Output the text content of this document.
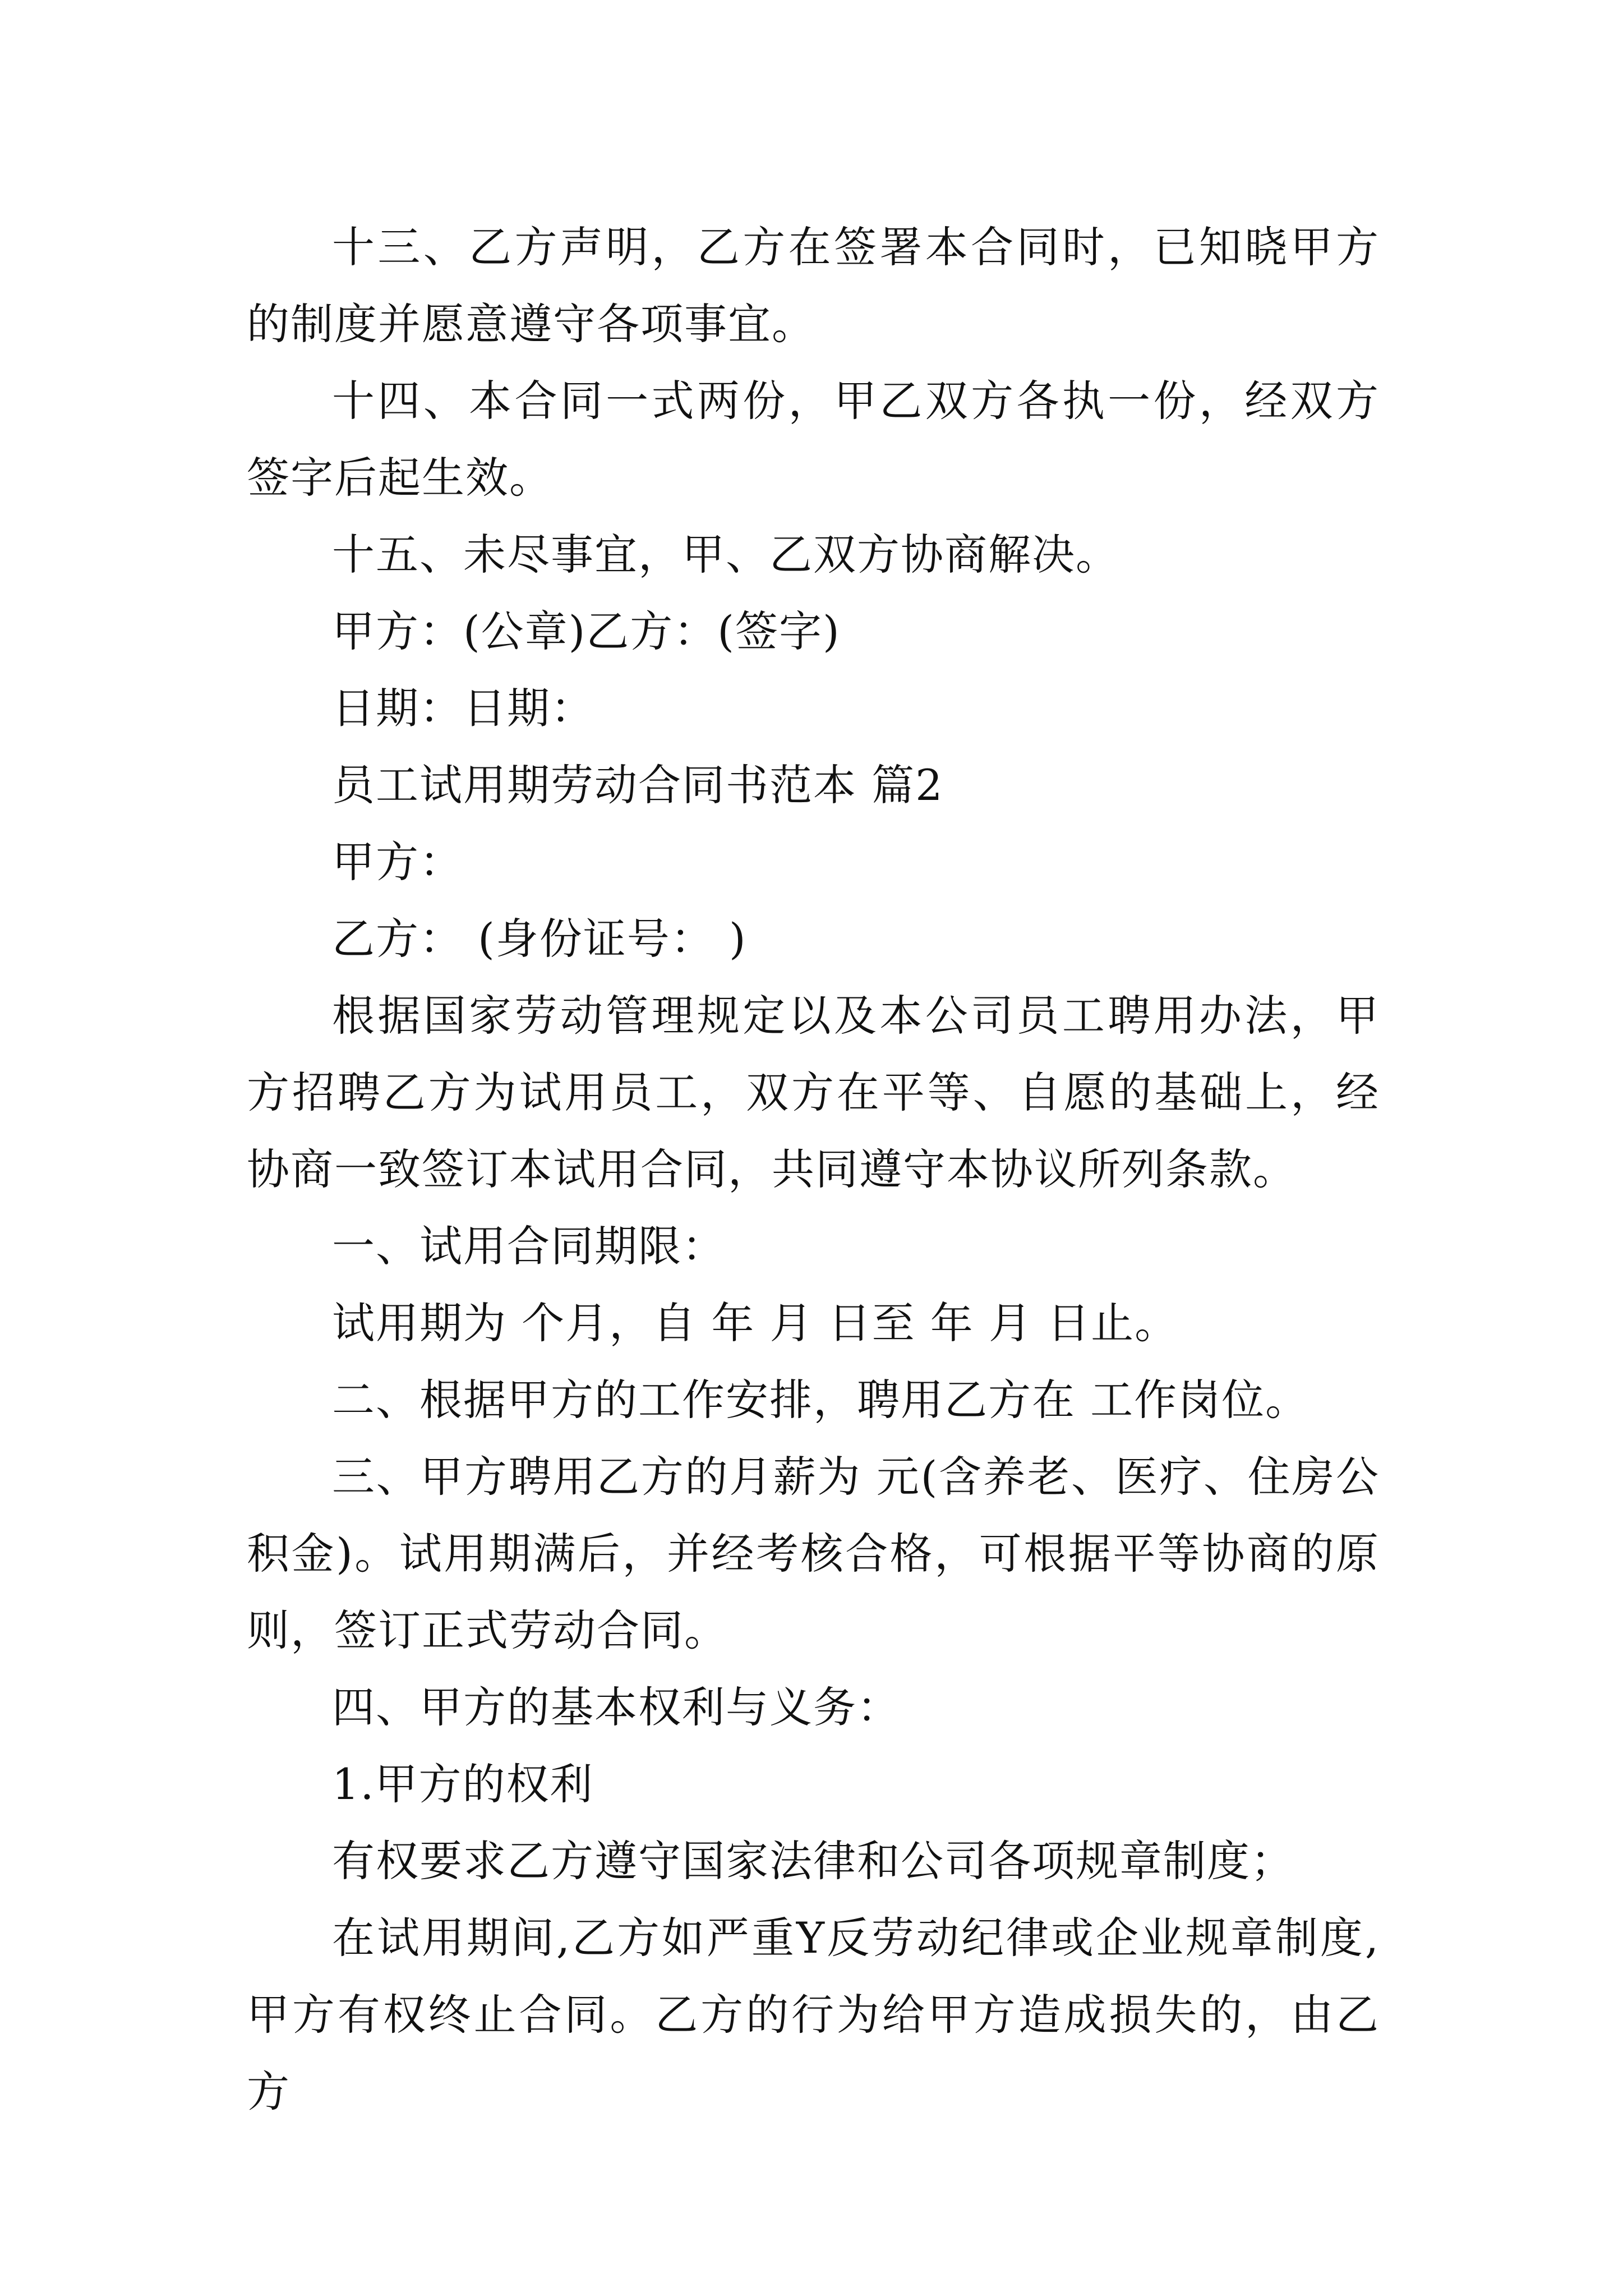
十三、乙方声明，乙方在签署本合同时，已知晓甲方的制度并愿意遵守各项事宜。

十四、本合同一式两份，甲乙双方各执一份，经双方签字后起生效。

十五、未尽事宜，甲、乙双方协商解决。

甲方：(公章)乙方：(签字)

日期：日期：

员工试用期劳动合同书范本 篇2

甲方：

乙方： (身份证号： )

根据国家劳动管理规定以及本公司员工聘用办法，甲方招聘乙方为试用员工，双方在平等、自愿的基础上，经协商一致签订本试用合同，共同遵守本协议所列条款。

一、试用合同期限：

试用期为 个月，自 年 月 日至 年 月 日止。

二、根据甲方的工作安排，聘用乙方在 工作岗位。

三、甲方聘用乙方的月薪为 元(含养老、医疗、住房公积金)。试用期满后，并经考核合格，可根据平等协商的原则，签订正式劳动合同。

四、甲方的基本权利与义务：

1.甲方的权利

有权要求乙方遵守国家法律和公司各项规章制度；

在试用期间,乙方如严重Y反劳动纪律或企业规章制度,甲方有权终止合同。乙方的行为给甲方造成损失的，由乙方
